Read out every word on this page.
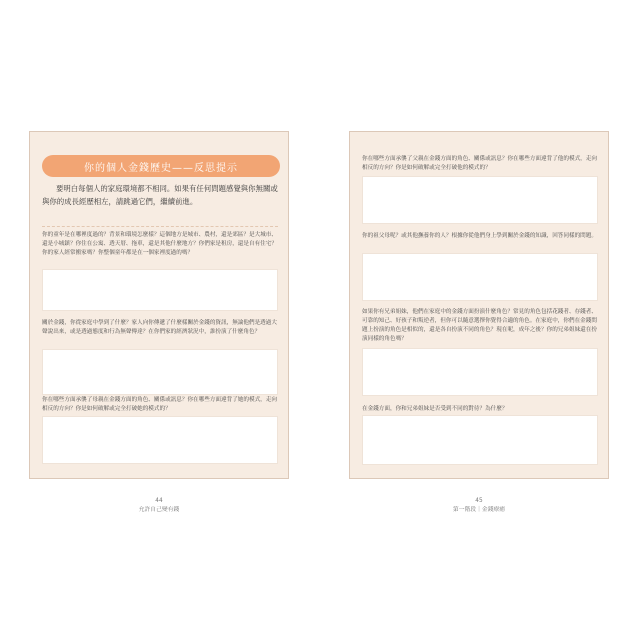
你的個人金錢歷史——反思提示

要明白每個人的家庭環境都不相同。如果有任何問題感覺與你無關或與你的成長經歷相左，請跳過它們，繼續前進。

你的童年是在哪裡度過的？背景和環境怎麼樣？這個地方是城市、農村，還是郊區？是大城市、還是小城鎮？你住在公寓、透天厝、拖車，還是其他什麼地方？你們家是租房，還是自有住宅？你的家人經常搬家嗎？你整個童年都是在一個家裡度過的嗎？

關於金錢，你從家庭中學到了什麼？家人向你傳遞了什麼樣關於金錢的資訊，無論他們是透過大聲說出來，或是透過態度和行為無聲傳達？在你們家的經濟狀況中，誰扮演了什麼角色？

你在哪些方面承襲了母親在金錢方面的角色、關係或訊息？你在哪些方面違背了她的模式，走向相反的方向？你是如何破解或完全打破她的模式的？

你在哪些方面承襲了父親在金錢方面的角色、關係或訊息？你在哪些方面違背了他的模式，走向相反的方向？你是如何破解或完全打破他的模式的？

你的祖父母呢？或其他撫養你的人？根據你從他們身上學到關於金錢的知識，回答同樣的問題。

如果你有兄弟姐妹，他們在家庭中的金錢方面扮演什麼角色？常見的角色包括花錢者、存錢者、可靠的知己、好孩子和叛逆者，但你可以隨意選擇你覺得合適的角色。在家庭中，你們在金錢問題上扮演的角色是相似的，還是各自扮演不同的角色？現在呢，成年之後？你的兄弟姐妹還在扮演同樣的角色嗎？

在金錢方面，你和兄弟姐妹是否受到不同的對待？為什麼？

44
允許自己變有錢
45
第一階段｜金錢療癒
